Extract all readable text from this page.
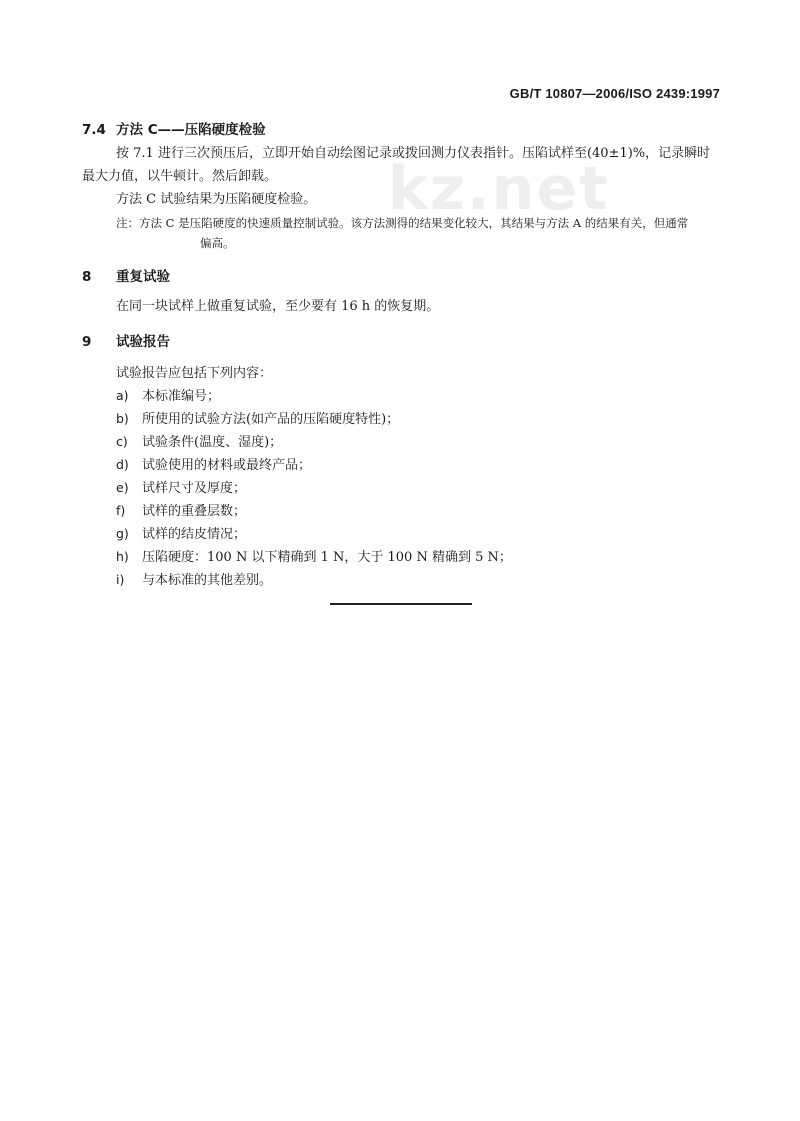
kz.net
GB/T 10807—2006/ISO 2439:1997

7.4 方法 C——压陷硬度检验

按 7.1 进行三次预压后，立即开始自动绘图记录或拨回测力仪表指针。压陷试样至(40±1)%，记录瞬时最大力值，以牛顿计。然后卸载。

方法 C 试验结果为压陷硬度检验。

注：方法 C 是压陷硬度的快速质量控制试验。该方法测得的结果变化较大，其结果与方法 A 的结果有关，但通常
偏高。

8 重复试验

在同一块试样上做重复试验，至少要有 16 h 的恢复期。

9 试验报告

试验报告应包括下列内容：

a) 本标准编号；
b) 所使用的试验方法(如产品的压陷硬度特性)；
c) 试验条件(温度、湿度)；
d) 试验使用的材料或最终产品；
e) 试样尺寸及厚度；
f) 试样的重叠层数；
g) 试样的结皮情况；
h) 压陷硬度：100 N 以下精确到 1 N，大于 100 N 精确到 5 N；
i) 与本标准的其他差别。
